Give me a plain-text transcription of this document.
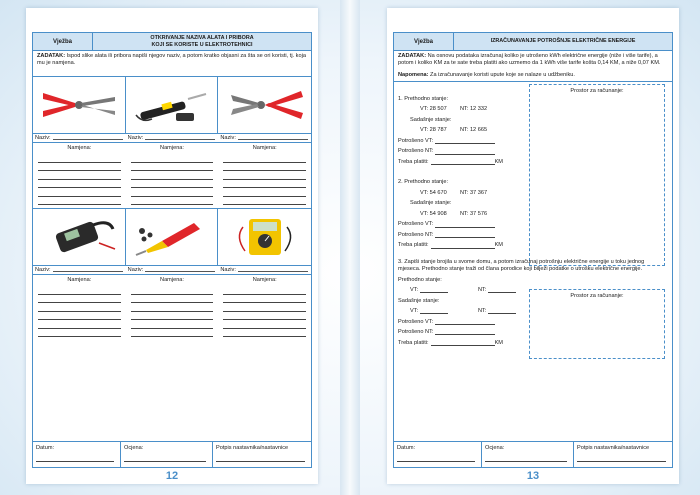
Vježba
OTKRIVANJE NAZIVA ALATA I PRIBORA
KOJI SE KORISTE U ELEKTROTEHNICI
ZADATAK: Ispod slike alata ili pribora napiši njegov naziv, a potom kratko objasni za šta se ori koristi, tj. koja mu je namjena.
Naziv:	Naziv:	Naziv:
Namjena:	Namjena:	Namjena:
Naziv:	Naziv:	Naziv:
Namjena:	Namjena:	Namjena:
Datum:	Ocjena:	Potpis nastavnika/nastavnice
12
Vježba	IZRAČUNAVANJE POTROŠNJE ELEKTRIČNE ENERGIJE
ZADATAK: Na osnovu podataka izračunaj koliko je utrošeno kWh električne energije (niže i više tarife), a potom i koliko KM za te sate treba platiti ako uzmemo da 1 kWh više tarife košta 0,14 KM, a niže 0,07 KM.
Napomena: Za izračunavanje koristi upute koje se nalaze u udžbeniku.
Prostor za računanje:
1. Prethodno stanje:
VT: 28 507	NT: 12 332
Sadašnje stanje:
VT: 28 787	NT: 12 665
Potrošeno VT:
Potrošeno NT:
Treba platiti:	KM
2. Prethodno stanje:
VT: 54 670	NT: 37 367
Sadašnje stanje:
VT: 54 908	NT: 37 576
Potrošeno VT:
Potrošeno NT:
Treba platiti:	KM
3. Zapiši stanje brojila u svome domu, a potom izračunaj potrošnju električne energije u toku jednog mjeseca. Prethodno stanje traži od člana porodice koji bilježi podatke o utrošku električne energije.
Prostor za računanje:
Prethodno stanje:
VT:	NT:
Sadašnje stanje:
VT:	NT:
Potrošeno VT:
Potrošeno NT:
Treba platiti:	KM
Datum:	Ocjena:	Potpis nastavnika/nastavnice
13
